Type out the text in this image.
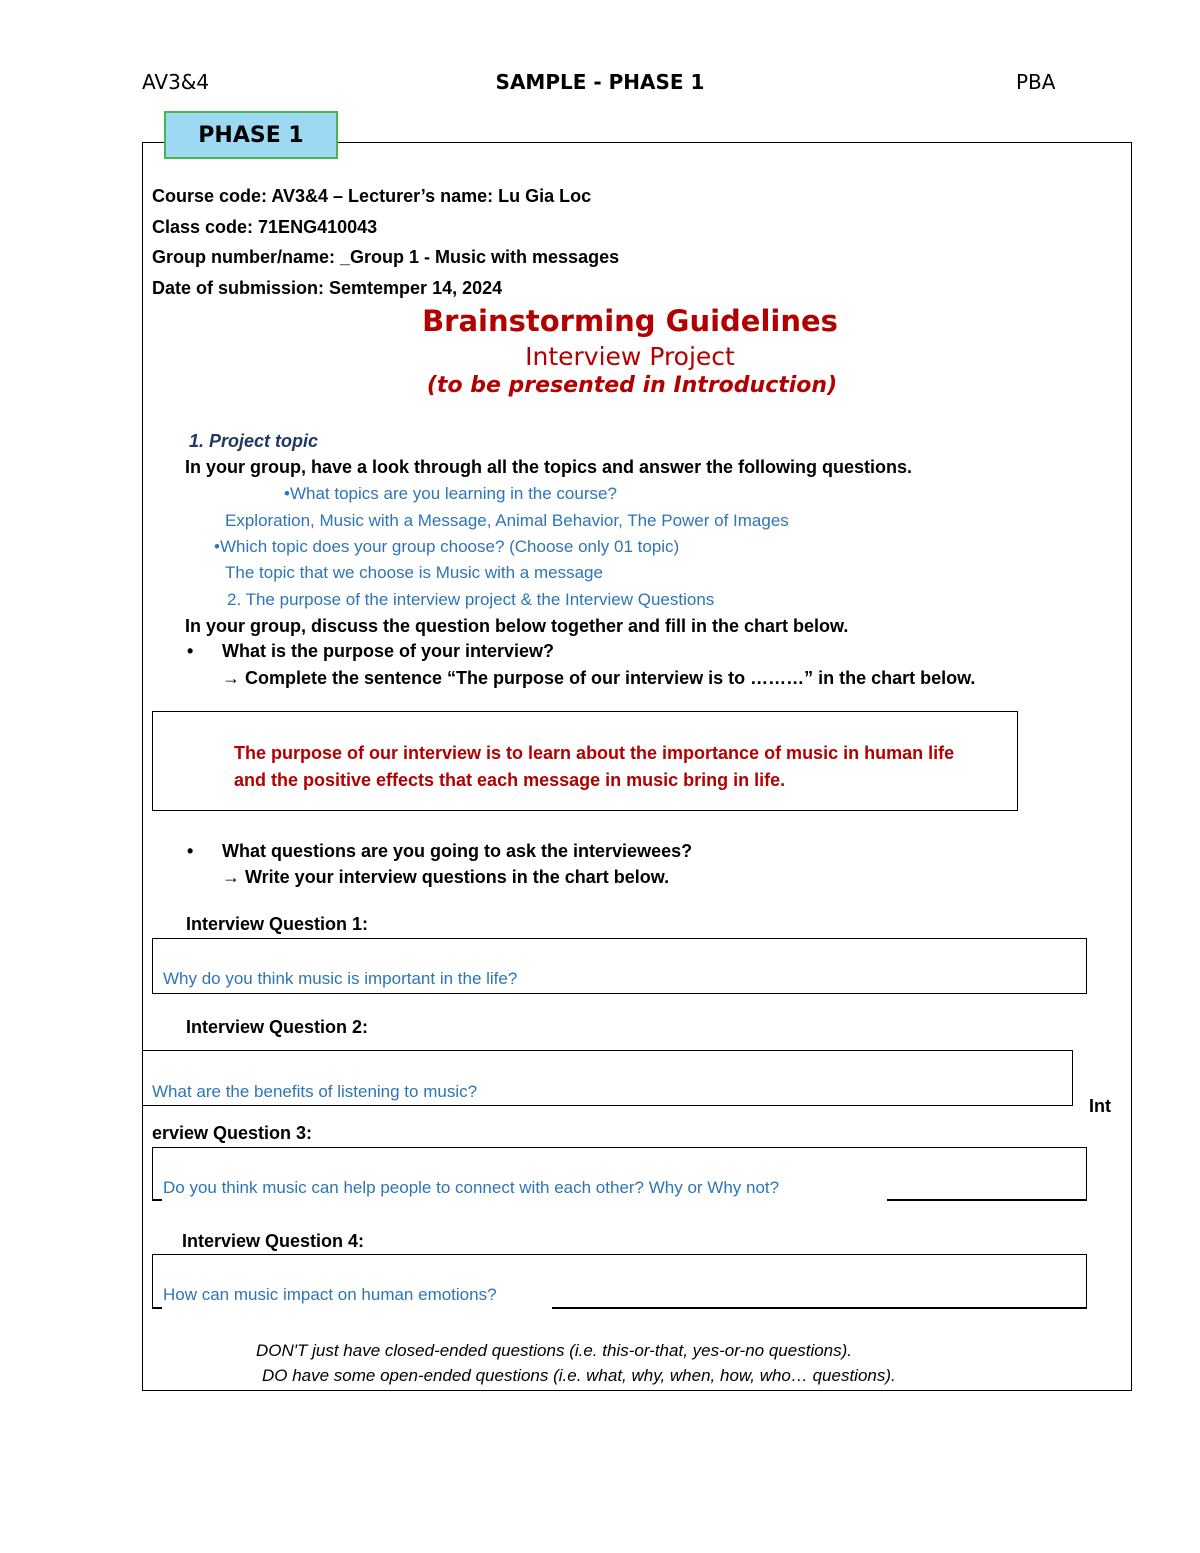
AV3&4	SAMPLE - PHASE 1	PBA
PHASE 1
Course code: AV3&4 – Lecturer’s name: Lu Gia Loc
Class code: 71ENG410043
Group number/name: _Group 1 - Music with messages
Date of submission: Semtemper 14, 2024
Brainstorming Guidelines
Interview Project
(to be presented in Introduction)
1. Project topic
In your group, have a look through all the topics and answer the following questions.
•What topics are you learning in the course?
Exploration, Music with a Message, Animal Behavior, The Power of Images
•Which topic does your group choose? (Choose only 01 topic)
The topic that we choose is Music with a message
2. The purpose of the interview project & the Interview Questions
In your group, discuss the question below together and fill in the chart below.
• What is the purpose of your interview?
→ Complete the sentence “The purpose of our interview is to ………” in the chart below.
The purpose of our interview is to learn about the importance of music in human life
and the positive effects that each message in music bring in life.
• What questions are you going to ask the interviewees?
→ Write your interview questions in the chart below.
Interview Question 1:
Why do you think music is important in the life?
Interview Question 2:
What are the benefits of listening to music?
Int
erview Question 3:
Do you think music can help people to connect with each other? Why or Why not?
Interview Question 4:
How can music impact on human emotions?
DON'T just have closed-ended questions (i.e. this-or-that, yes-or-no questions).
DO have some open-ended questions (i.e. what, why, when, how, who… questions).
